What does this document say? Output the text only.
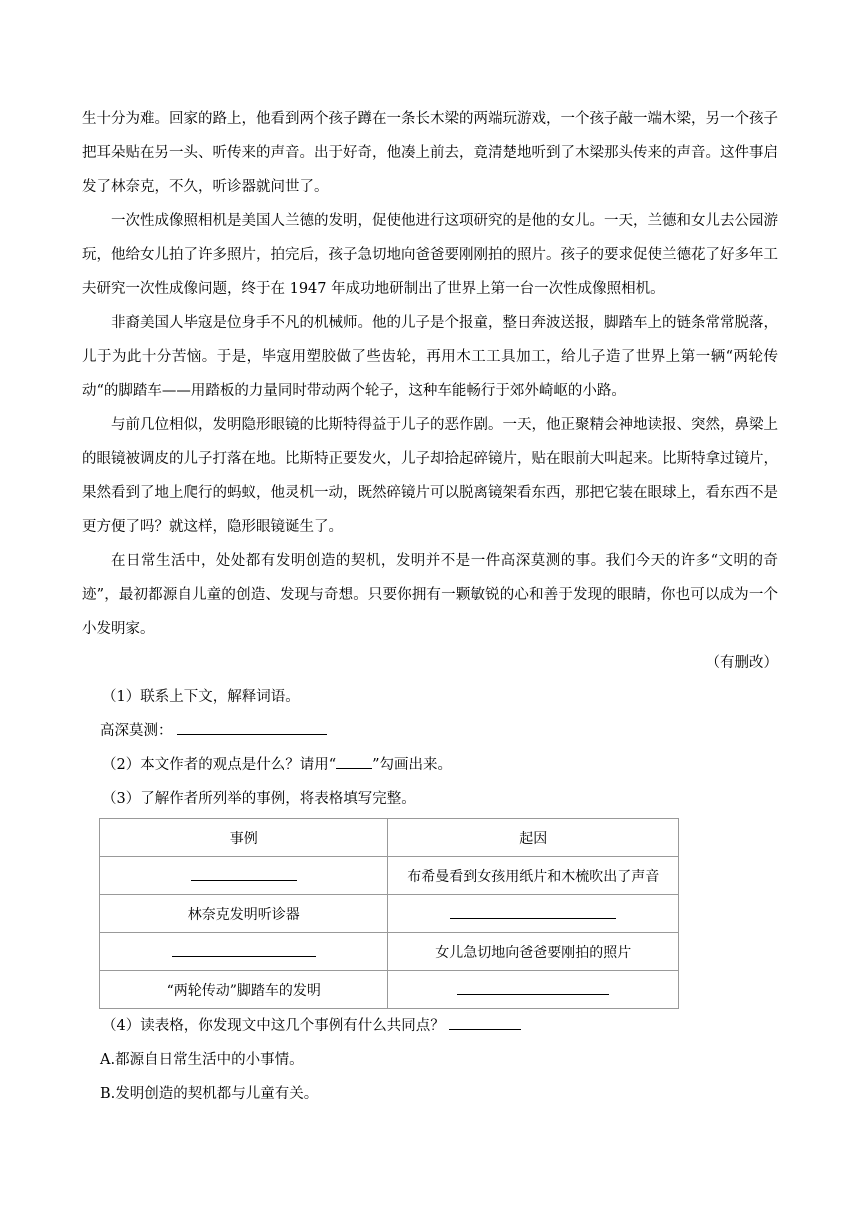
生十分为难。回家的路上，他看到两个孩子蹲在一条长木梁的两端玩游戏，一个孩子敲一端木梁，另一个孩子把耳朵贴在另一头、听传来的声音。出于好奇，他凑上前去，竟清楚地听到了木梁那头传来的声音。这件事启发了林奈克，不久，听诊器就问世了。

一次性成像照相机是美国人兰德的发明，促使他进行这项研究的是他的女儿。一天，兰德和女儿去公园游玩，他给女儿拍了许多照片，拍完后，孩子急切地向爸爸要刚刚拍的照片。孩子的要求促使兰德花了好多年工夫研究一次性成像问题，终于在 1947 年成功地研制出了世界上第一台一次性成像照相机。

非裔美国人毕寇是位身手不凡的机械师。他的儿子是个报童，整日奔波送报，脚踏车上的链条常常脱落，儿于为此十分苦恼。于是，毕寇用塑胶做了些齿轮，再用木工工具加工，给儿子造了世界上第一辆“两轮传动“的脚踏车——用踏板的力量同时带动两个轮子，这种车能畅行于郊外崎岖的小路。

与前几位相似，发明隐形眼镜的比斯特得益于儿子的恶作剧。一天，他正聚精会神地读报、突然，鼻梁上的眼镜被调皮的儿子打落在地。比斯特正要发火，儿子却拾起碎镜片，贴在眼前大叫起来。比斯特拿过镜片，果然看到了地上爬行的蚂蚁，他灵机一动，既然碎镜片可以脱离镜架看东西，那把它装在眼球上，看东西不是更方便了吗？就这样，隐形眼镜诞生了。

在日常生活中，处处都有发明创造的契机，发明并不是一件高深莫测的事。我们今天的许多“文明的奇迹”，最初都源自儿童的创造、发现与奇想。只要你拥有一颗敏锐的心和善于发现的眼睛，你也可以成为一个小发明家。

（有删改）

（1）联系上下文，解释词语。

高深莫测：

（2）本文作者的观点是什么？请用“ ”勾画出来。

（3）了解作者所列举的事例，将表格填写完整。

事例	起因
	布希曼看到女孩用纸片和木梳吹出了声音
林奈克发明听诊器	
	女儿急切地向爸爸要刚拍的照片
“两轮传动”脚踏车的发明	

（4）读表格，你发现文中这几个事例有什么共同点？

A.都源自日常生活中的小事情。

B.发明创造的契机都与儿童有关。
